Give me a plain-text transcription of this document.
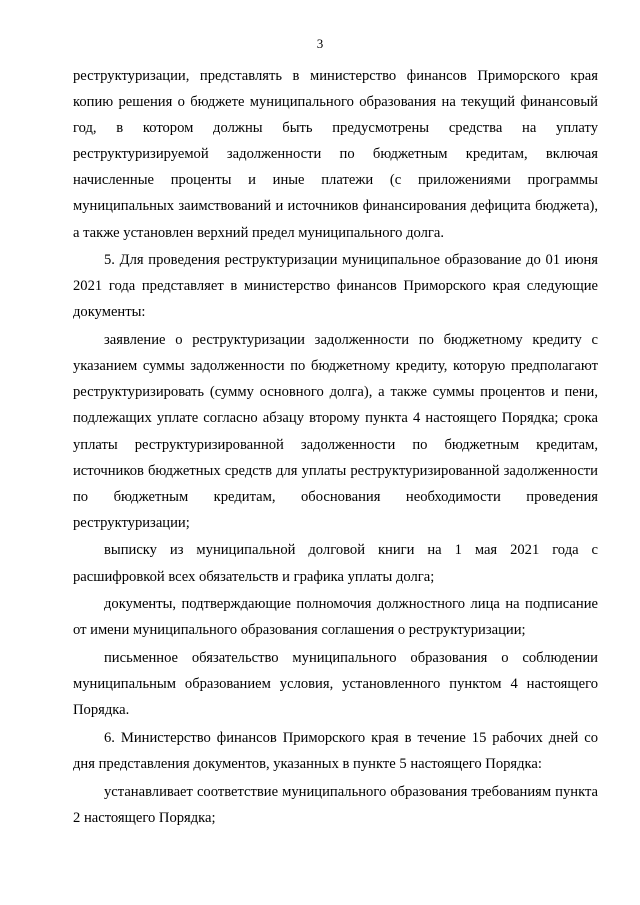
3

реструктуризации, представлять в министерство финансов Приморского края копию решения о бюджете муниципального образования на текущий финансовый год, в котором должны быть предусмотрены средства на уплату реструктуризируемой задолженности по бюджетным кредитам, включая начисленные проценты и иные платежи (с приложениями программы муниципальных заимствований и источников финансирования дефицита бюджета), а также установлен верхний предел муниципального долга.

5. Для проведения реструктуризации муниципальное образование до 01 июня 2021 года представляет в министерство финансов Приморского края следующие документы:

заявление о реструктуризации задолженности по бюджетному кредиту с указанием суммы задолженности по бюджетному кредиту, которую предполагают реструктуризировать (сумму основного долга), а также суммы процентов и пени, подлежащих уплате согласно абзацу второму пункта 4 настоящего Порядка; срока уплаты реструктуризированной задолженности по бюджетным кредитам, источников бюджетных средств для уплаты реструктуризированной задолженности по бюджетным кредитам, обоснования необходимости проведения реструктуризации;

выписку из муниципальной долговой книги на 1 мая 2021 года с расшифровкой всех обязательств и графика уплаты долга;

документы, подтверждающие полномочия должностного лица на подписание от имени муниципального образования соглашения о реструктуризации;

письменное обязательство муниципального образования о соблюдении муниципальным образованием условия, установленного пунктом 4 настоящего Порядка.

6. Министерство финансов Приморского края в течение 15 рабочих дней со дня представления документов, указанных в пункте 5 настоящего Порядка:

устанавливает соответствие муниципального образования требованиям пункта 2 настоящего Порядка;
